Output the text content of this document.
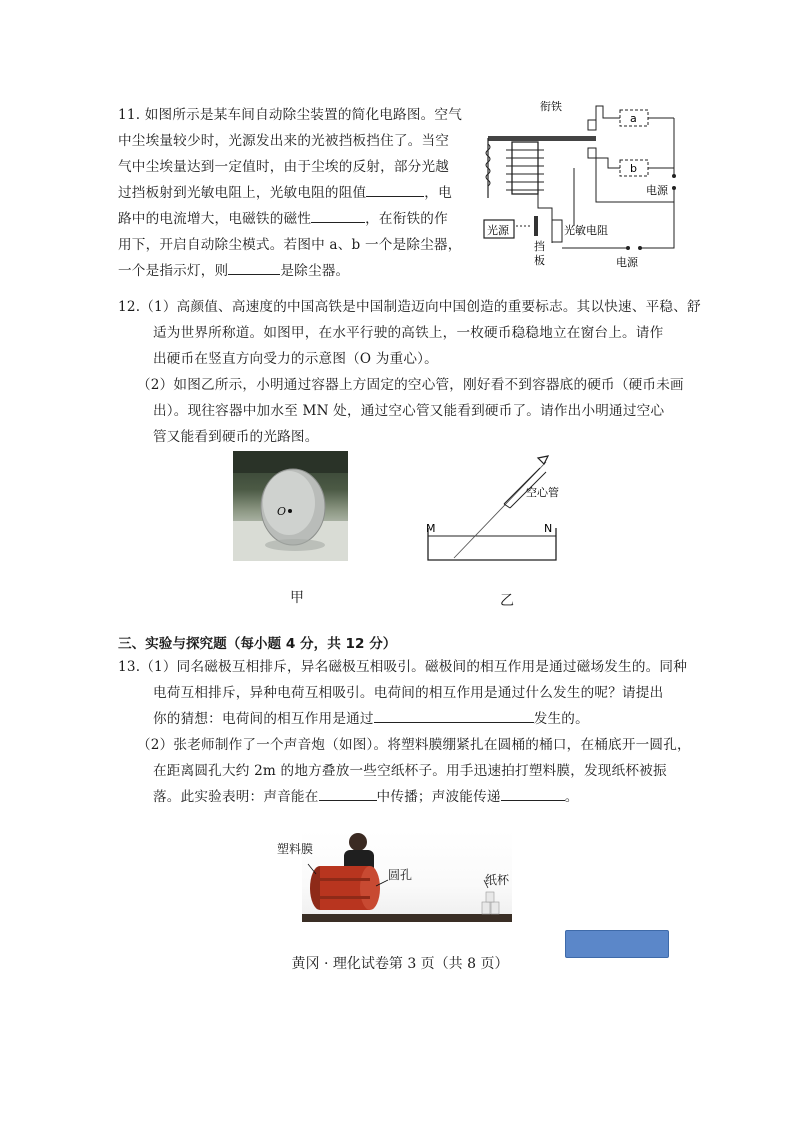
11. 如图所示是某车间自动除尘装置的简化电路图。空气
中尘埃量较少时，光源发出来的光被挡板挡住了。当空
气中尘埃量达到一定值时，由于尘埃的反射，部分光越
过挡板射到光敏电阻上，光敏电阻的阻值	，电
路中的电流增大，电磁铁的磁性	，在衔铁的作
用下，开启自动除尘模式。若图中 a、b 一个是除尘器，
一个是指示灯，则	是除尘器。
衔铁
a
b
电源
光源	光敏电阻
挡
板	电源
12.（1）高颜值、高速度的中国高铁是中国制造迈向中国创造的重要标志。其以快速、平稳、舒
适为世界所称道。如图甲，在水平行驶的高铁上，一枚硬币稳稳地立在窗台上。请作
出硬币在竖直方向受力的示意图（O 为重心）。
（2）如图乙所示，小明通过容器上方固定的空心管，刚好看不到容器底的硬币（硬币未画
出）。现往容器中加水至 MN 处，通过空心管又能看到硬币了。请作出小明通过空心
管又能看到硬币的光路图。
O
甲
空心管
M	N
乙
三、实验与探究题（每小题 4 分，共 12 分）
13.（1）同名磁极互相排斥，异名磁极互相吸引。磁极间的相互作用是通过磁场发生的。同种
电荷互相排斥，异种电荷互相吸引。电荷间的相互作用是通过什么发生的呢？请提出
你的猜想：电荷间的相互作用是通过	发生的。
（2）张老师制作了一个声音炮（如图）。将塑料膜绷紧扎在圆桶的桶口，在桶底开一圆孔，
在距离圆孔大约 2m 的地方叠放一些空纸杯子。用手迅速拍打塑料膜，发现纸杯被振
落。此实验表明：声音能在	中传播；声波能传递	。
塑料膜
圆孔	纸杯
黄冈 · 理化试卷第 3 页（共 8 页）
